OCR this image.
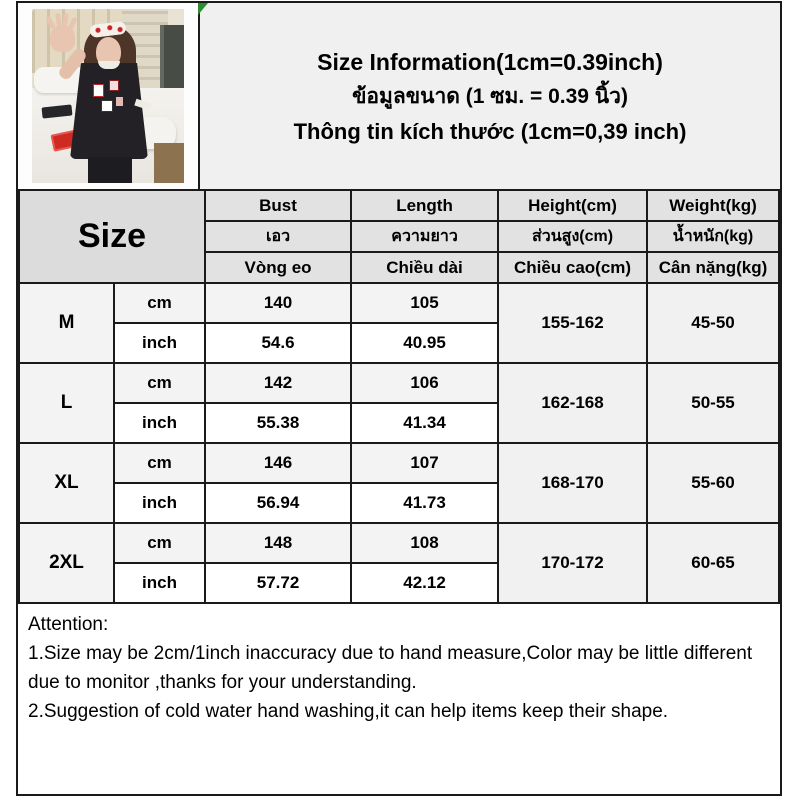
Size Information(1cm=0.39inch)
ข้อมูลขนาด (1 ซม. = 0.39 นิ้ว)
Thông tin kích thước (1cm=0,39 inch)
Size		Bust	Length	Height(cm)	Weight(kg)
		เอว	ความยาว	ส่วนสูง(cm)	น้ำหนัก(kg)
		Vòng eo	Chiều dài	Chiều cao(cm)	Cân nặng(kg)
M	cm	140	105	155-162	45-50
	inch	54.6	40.95		
L	cm	142	106	162-168	50-55
	inch	55.38	41.34		
XL	cm	146	107	168-170	55-60
	inch	56.94	41.73		
2XL	cm	148	108	170-172	60-65
	inch	57.72	42.12		
Attention:
1.Size may be 2cm/1inch inaccuracy due to hand measure,Color may be little different due to monitor ,thanks for your understanding.
2.Suggestion of cold water hand washing,it can help items keep their shape.
